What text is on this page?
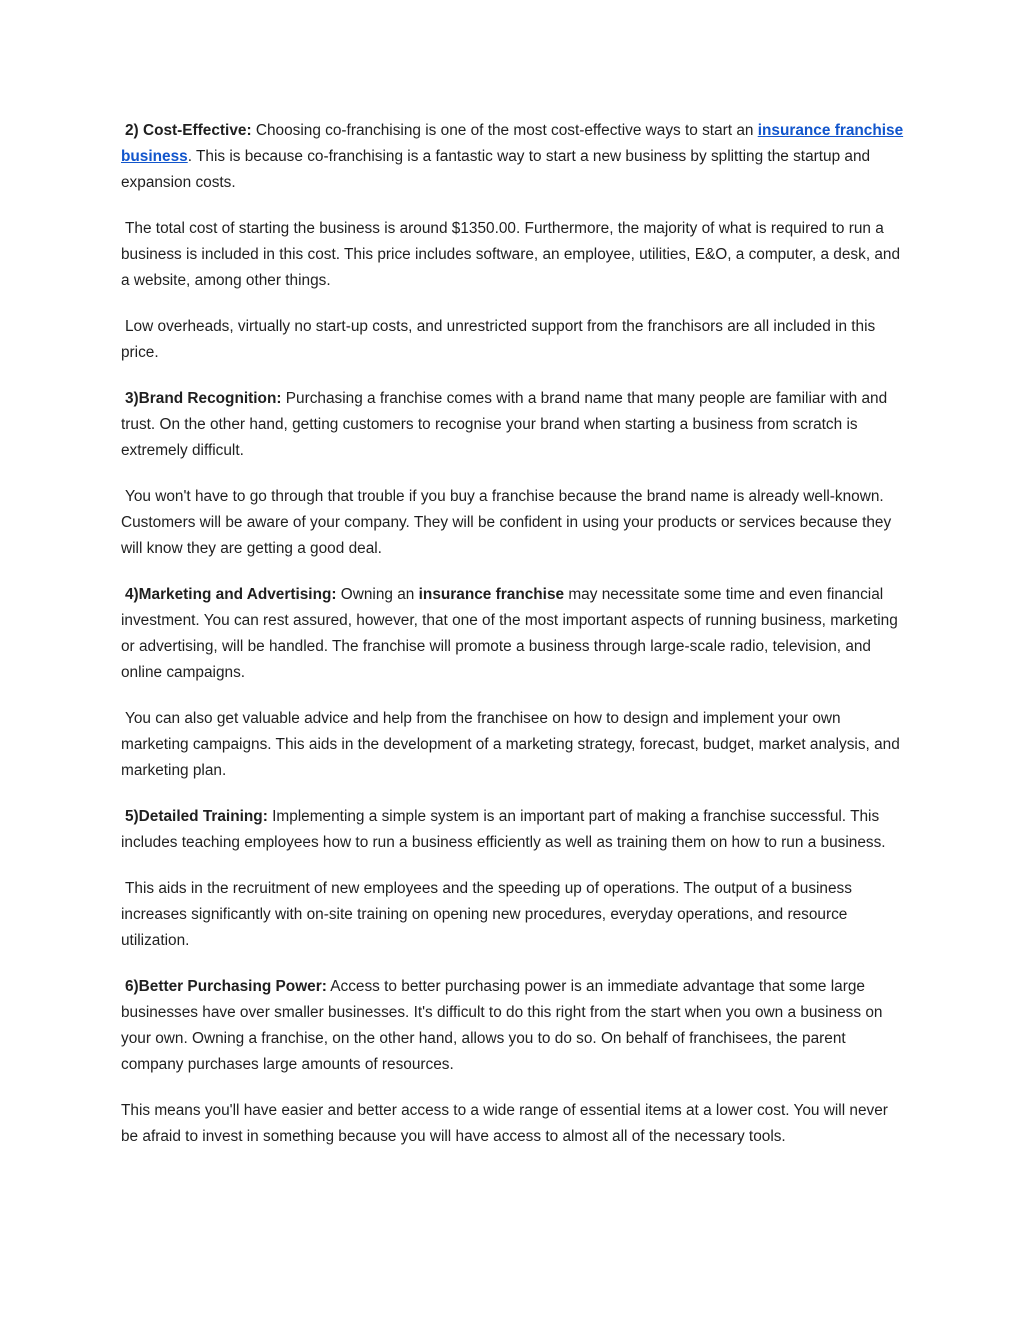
2) Cost-Effective: Choosing co-franchising is one of the most cost-effective ways to start an insurance franchise business. This is because co-franchising is a fantastic way to start a new business by splitting the startup and expansion costs.

The total cost of starting the business is around $1350.00. Furthermore, the majority of what is required to run a business is included in this cost. This price includes software, an employee, utilities, E&O, a computer, a desk, and a website, among other things.

Low overheads, virtually no start-up costs, and unrestricted support from the franchisors are all included in this price.

3)Brand Recognition: Purchasing a franchise comes with a brand name that many people are familiar with and trust. On the other hand, getting customers to recognise your brand when starting a business from scratch is extremely difficult.

You won't have to go through that trouble if you buy a franchise because the brand name is already well-known. Customers will be aware of your company. They will be confident in using your products or services because they will know they are getting a good deal.

4)Marketing and Advertising: Owning an insurance franchise may necessitate some time and even financial investment. You can rest assured, however, that one of the most important aspects of running business, marketing or advertising, will be handled. The franchise will promote a business through large-scale radio, television, and online campaigns.

You can also get valuable advice and help from the franchisee on how to design and implement your own marketing campaigns. This aids in the development of a marketing strategy, forecast, budget, market analysis, and marketing plan.

5)Detailed Training: Implementing a simple system is an important part of making a franchise successful. This includes teaching employees how to run a business efficiently as well as training them on how to run a business.

This aids in the recruitment of new employees and the speeding up of operations. The output of a business increases significantly with on-site training on opening new procedures, everyday operations, and resource utilization.

6)Better Purchasing Power: Access to better purchasing power is an immediate advantage that some large businesses have over smaller businesses. It's difficult to do this right from the start when you own a business on your own. Owning a franchise, on the other hand, allows you to do so. On behalf of franchisees, the parent company purchases large amounts of resources.

This means you'll have easier and better access to a wide range of essential items at a lower cost. You will never be afraid to invest in something because you will have access to almost all of the necessary tools.
